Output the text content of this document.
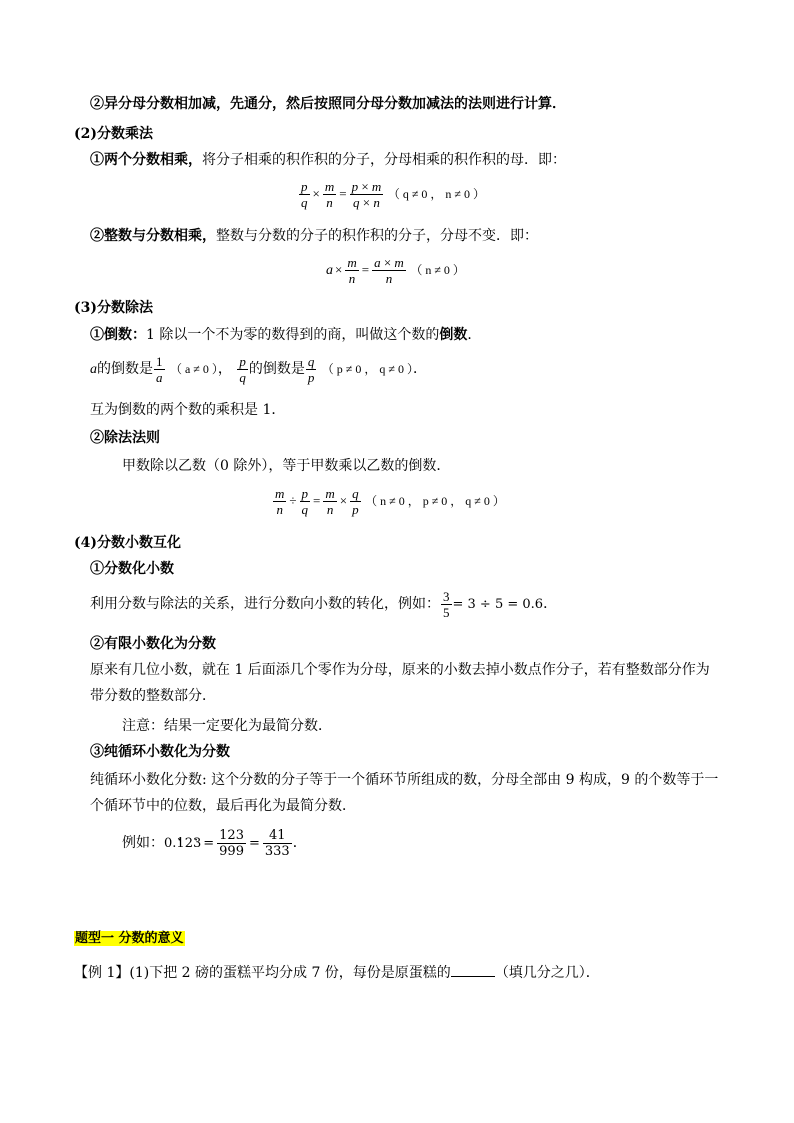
②异分母分数相加减，先通分，然后按照同分母分数加减法的法则进行计算．
(2)分数乘法
①两个分数相乘，将分子相乘的积作积的分子，分母相乘的积作积的母．即：
$\frac{p}{q} \times \frac{m}{n} = \frac{p \times m}{q \times n}$ （ q ≠ 0 ， n ≠ 0 ）
②整数与分数相乘，整数与分数的分子的积作积的分子，分母不变．即：
$a \times \frac{m}{n} = \frac{a \times m}{n}$ （ n ≠ 0 ）
(3)分数除法
①倒数：1 除以一个不为零的数得到的商，叫做这个数的倒数．
a的倒数是 $\frac{1}{a}$ （ a ≠ 0 ）， $\frac{p}{q}$ 的倒数是 $\frac{q}{p}$ （ p ≠ 0 ， q ≠ 0 ）．
互为倒数的两个数的乘积是 1．
②除法法则
甲数除以乙数（0 除外），等于甲数乘以乙数的倒数．
$\frac{m}{n} \div \frac{p}{q} = \frac{m}{n} \times \frac{q}{p}$ （ n ≠ 0 ， p ≠ 0 ， q ≠ 0 ）
(4)分数小数互化
①分数化小数
利用分数与除法的关系，进行分数向小数的转化，例如： $\frac{3}{5} = 3 \div 5 = 0.6$．
②有限小数化为分数
原来有几位小数，就在 1 后面添几个零作为分母，原来的小数去掉小数点作分子，若有整数部分作为
带分数的整数部分．
注意：结果一定要化为最简分数．
③纯循环小数化为分数
纯循环小数化分数: 这个分数的分子等于一个循环节所组成的数，分母全部由 9 构成，9 的个数等于一
个循环节中的位数，最后再化为最简分数．
例如：$0.\cdot 12\cdot 3 = \frac{123}{999} = \frac{41}{333}$ ．
题型一 分数的意义
【例 1】(1)下把 2 磅的蛋糕平均分成 7 份，每份是原蛋糕的	（填几分之几）．
